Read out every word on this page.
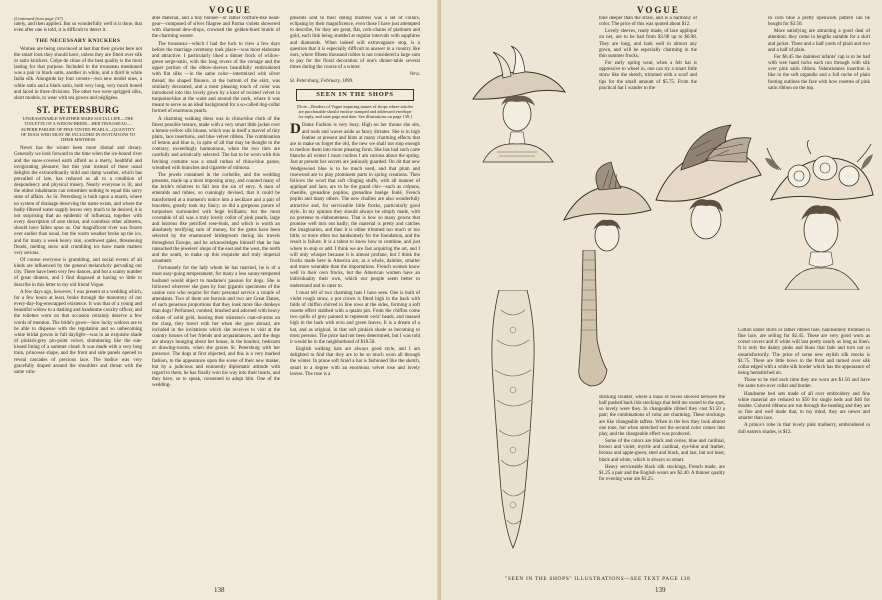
VOGUE
(Continued from page 137)

rately, and then applied. But so wonderfully well is it done, that even after one is told, it is difficult to detect it.

THE NECESSARY KNICKERS

Women are being convinced at last that their gowns here not the smart look they should have, unless they are fitted over silk or satin knickers. Crêpe de chine of the best quality is the most lasting for that purpose. Included in the trousseau mentioned was a pair in black satin, another in white, and a third in white India silk. Alongside lay four corsets—two new model ones, a white satin and a black satin, both very long, very much boned and laced in three divisions. The other two were sprigged silks, short models, to wear with tea gowns and négligées.

ST. PETERSBURG
UNSEASONABLE WEATHER MARS SOCIAL LIFE—THE TOILETTE OF A WIDOW-BRIDE—HER TROUSSEAU—SUPERB PARURE OF PINE-TINTED PEARLS—QUANTITY OF DOGS WHO MUST BE INCLUDED IN INVITATIONS TO THEIR MISTRESS

Never has the winter been more dismal and dreary. Generally we look forward to the time when the ice-bound river and the snow-covered earth afford us a merry, healthful and invigorating pleasure; but this year instead of these usual delights the extraordinarily mild and damp weather, which has prevailed of late, has reduced us all to a condition of despondency and physical misery. Nearly everyone is ill, and the oldest inhabitants can remember nothing to equal this sorry state of affairs. As St. Petersburg is built upon a marsh, where no system of drainage deserving the name exists, and where the badly-filtered water supply leaves very much to be desired, it is not surprising that an epidemic of influenza, together with every description of sore throat, and countless other ailments, should have fallen upon us. Our magnificent river was frozen over earlier than usual, but the warm weather broke up the ice, and for many a week heavy rain, southwest gales, threatening floods, melting snow and crumbling ice have made matters very serious.

Of course everyone is grumbling, and social events of all kinds are influenced by the general melancholy pervading our city. There have been very few dances, and but a scanty number of great dinners, and I find disposed at having so little to describe in this letter to my old friend Vogue.

A few days ago, however, I was present at a wedding which, for a few hours at least, broke through the monotony of our every-day-fog-enwrapped existence. It was that of a young and beautiful widow to a dashing and handsome cavalry officer, and the toilettes worn on that occasion certainly deserve a few words of mention. The bride's gown—how lucky widows are to be able to dispense with the regulation and so unbecoming white bridal gowns in full daylight—was in an exquisite shade of pinkish-grey pin-point velvet, shimmering like the sun-kissed lining of a summer cloud. It was made with a very long train, princesse shape, and the front and side panels opened to reveal cascades of precious lace. The bodice was very gracefully draped around the shoulders and throat with the same valu-

able material, and a tiny bonnet—or rather coiffure-like head-gear—composed of silver filagree and Parma violets showered with diamond dew-drops, crowned the golden-hued braids of the charming wearer.

The trousseau—which I had the luck to view a few days before the marriage ceremony took place—was most elaborate and attractive. I particularly liked a dinner frock of willow-green serge-satin, with the long revers of the corsage and the upper portion of the elbow-sleeves beautifully embroidered with flat silks —in the same color—intermixed with silver thread; the shaped flounce, at the bottom of the skirt, was similarly decorated, and a most pleasing touch of color was introduced into this lovely gown by a knot of twisted velvet in turquoise-blue at the waist and around the neck, where it was meant to serve as an ideal background for a so-called dog-collar formed of enormous pearls.

A charming walking dress was in china-blue cloth of the finest possible texture, made with a very smart little jacket over a lemon-yellow silk blouse, which was in itself a marvel of tiny plaits, lace insertions, and blue velvet ribbon. The combination of lemon and blue is, in spite of all that may be thought to the contrary, exceedingly harmonious, when the two tints are carefully and artistically selected. The hat to be worn with this fetching costume was a small turban of china-blue panne, wreathed with branches and cigarette of mimosa.

The jewels contained in the corbeille, and the wedding presents, made up a most imposing array, and counted many of the bride's relatives to fall into the sin of envy. A tiara of emeralds and rubies, so cunningly devised, that it could be transformed at a moment's notice into a necklace and a pair of bracelets, greatly took my fancy; so did a gorgeous parure of turquoises surrounded with huge brilliants; but the most covetable of all was a truly lovely collar of pink pearls, large and lustrous like petrified rose-buds, and which is worth an absolutely terrifying sum of money, for the gems have been selected by the enamoured bridegroom during his travels throughout Europe, and he acknowledges himself that he has ransacked the jewelers' shops of the east and the west, the north and the south, to make up this exquisite and truly imperial ornament.

Fortunately for the lady whom he has married, he is of a most easy-going temperament, for many a less sunny-tempered husband would object to madame's passion for dogs. She is followed wherever she goes by four gigantic specimens of the canine race who require for their personal service a couple of attendants. Two of them are borzois and two are Great Danes, of such generous proportions that they look more like donkeys than dogs! Perfumed, combed, brushed and adorned with heavy collars of solid gold, bearing their mistress's coat-of-arms on the clasp, they travel with her when she goes abroad, are included in the invitations which she receives to visit at the country houses of her friends and acquaintances, and the dogs are always lounging about her house, in the boudoir, bedroom or drawing-rooms, when she graces St. Petersburg with her presence. The dogs at first objected, and this is a very marked fashion, to the appearance upon the scene of their new master, but by a judicious and eminently diplomatic attitude with regard to them, he has finally won his way into their hearts, and they have, so to speak, consented to adopt him. One of the wedding-

presents sent to their doting mistress was a set of collars, eclipsing by their magnificence, even those I have just attempted to describe, for they are great, flat, cork-chains of platinum and gold, each link being studded at regular intervals with sapphires and diamonds. When indeed will extravagance stop, is a question that it is especially difficult to answer in a country like ours, where fifteen thousand rubles is not considered a large sum to pay for the floral decoration of one's dinner-table several times during the course of a winter.

Vera.
St. Petersburg, February, 1899.
SEEN IN THE SHOPS
[Note—Readers of Vogue inquiring names of shops where articles are purchasable should enclose stamped and addressed envelope for reply, and state page and date. See illustrations on page 139.]

D Dame Fashion is very busy. High on her throne she sits, and nods and waves aside as fancy dictates. She is in high feather at present and hints at many charming effects that are to make us forget the old, the new we shall not stop enough to mellow them into more pleasing form. She has had such carte blanche all winter I must confess I am curious about the spring. Just at present her secrets are jealously guarded. On dit that new Wedgewood blue is to be much used, and that plum and rosewood are to play prominent parts in spring creations. Then follows the word that soft clinging stuffs, with all manner of appliqué and lace, are to be the grand chic—such as crêpons, chenille, grenadine poplins, grenadine barège foulé, French poplin and many others. The new challies are also wonderfully attractive and, for serviceable little frocks, particularly good style. In my opinion they should always be simply made, with no pretense to elaborateness. That is how so many gowns that promise well turn out badly; the material is pretty and catches the imagination, and then it is either trimmed too much or too little, or more often too handsomely for the foundation, and the result is failure. It is a talent to know how to combine, and just where to stop or add. I think we are fast acquiring the art, and I will only whisper because it is almost profane, but I think the frocks made here in America are, as a whole, daintier, smarter and more wearable than the importations. French women know well in their own frocks, but the American women have an individuality their own, which our people seem better to understand and to cater to.

I must tell of two charming hats I have seen. One is built of violet rough straw, a pot crown is fitted high in the back with folds of chiffon shirred in line rows at the sides, forming a soft rosette effect stabbed with a quaint pin. From the chiffon come two quills of grey painted to represent owls' heads, and massed high in the back with ecru and green leaves. It is a dream of a hat, and as original, in that soft pinkish shade as becoming to most persons. The price had not been determined, but I was told it would be in the neighborhood of $18.50.

English walking hats are always good style, and I am delighted to find that they are to be so much worn all through the winter. In prune soft braid a hat is fashioned like the sketch, smart to a degree with an enormous velvet rose and lovely leaves. The rose is a

138
VOGUE

tone deeper than the straw, and is a harmony of color. The price of this was quoted about $12.

Lovely sleeves, ready made, of lace appliqué on net, are to be had from $3.98 up to $6.98. They are long, and look well in almost any gown, and will be especially charming in the thin summer frocks.

For early spring wear, when a felt hat is oppressive to wheel in, one can try a smart little straw like the sketch, trimmed with a scarf and tips for the small amount of $5.75. From the practical hat I wander to the

In corn blue a pretty openwork pattern can be bought for $3.50.

More satisfying are attracting a good deal of attention; they come in lengths suitable for a skirt and jacket. Three and a half yards of plaid and two and a half of plain.

For $6.45 the daintiest infants' cap is to be had with wee hand tucks each run through with silk over pink satin ribbon. Valenciennes insertion is like in the soft organdie and a full ruche of plain footing outlines the face with bow rosettes of pink satin ribbon on the top.

stocking counter, where a mass of boxes showed between the half pushed back lids stockings that held me rooted to the spot, so lovely were they. In changeable ribbed they cost $1.50 a pair; the combinations of color are charming. These stockings are like changeable taffeta. When in the box they look almost one tone, but when stretched out the second color comes into play, and the changeable effect was produced.

Some of the colors are black and cerise, blue and cardinal, brown and violet, myrtle and cardinal, eye-blue and leather, bronze and apple-green, steel and black, and last, but not least, black and white, which is always so smart.

Heavy serviceable black silk stockings, French made, are $1.25 a pair and the English wears are $2.40. A thinner quality for evening wear are $3.25.

Cotton under shirts or rather ribbed lisle, handsomely trimmed in fine lace, are selling for $2.45. These are very good worn as corset covers and if white will last pretty nearly as long as linen. It is only the dainty pinks and blues that fade and turn out so unsatisfactorily. The price of some new stylish silk mocks is $1.75. There are little bows in the front and turned over silk collar edged with a white silk border which has the appearance of being hemstitched on.

Those to be tied each time they are worn are $1.50 and have the same turn-over collar and border.

Handsome bed sets made of all over embroidery and fine white material are reduced to $50 for single beds and $40 for double. Colored ribbons are run through the beading and they are so fine and well made that, to my mind, they are newer and smarter than lace.

A prince's robe in that lovely pink mulberry, embroidered in dull eastern shades, is $12.

"SEEN IN THE SHOPS" ILLUSTRATIONS—SEE TEXT PAGE 138
139
